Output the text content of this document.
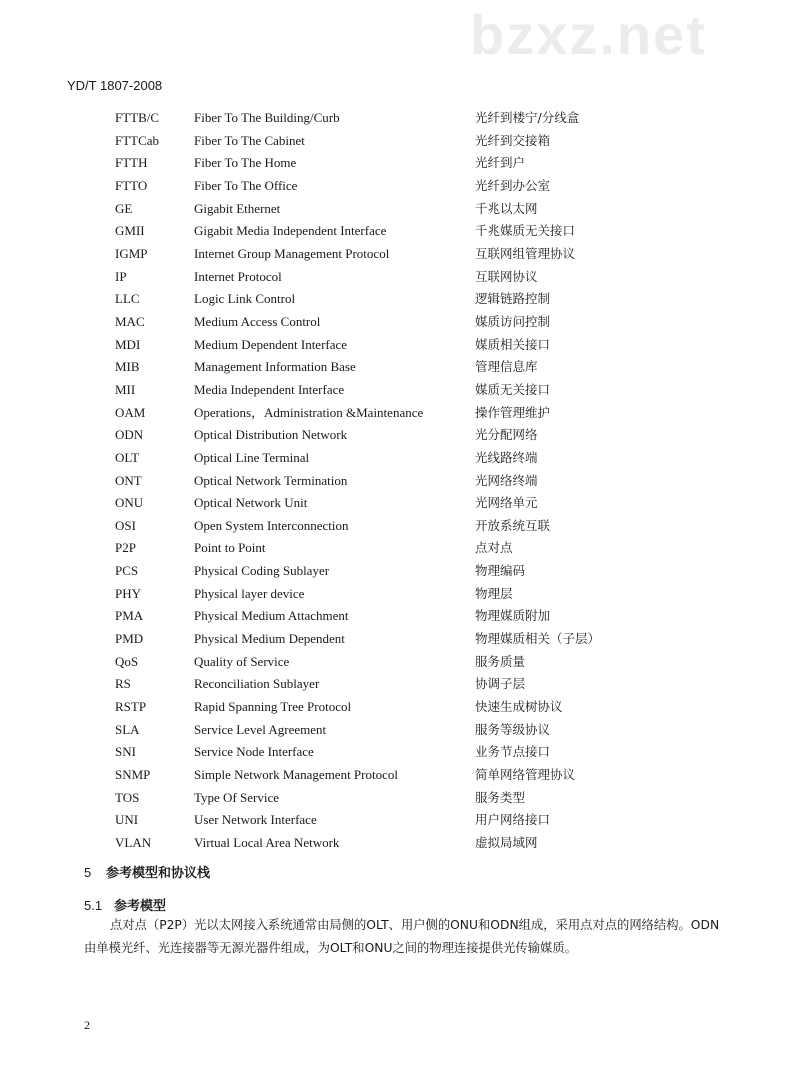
YD/T 1807-2008
bzxz.net
FTTB/C	Fiber To The Building/Curb	光纤到楼宁/分线盒
FTTCab	Fiber To The Cabinet	光纤到交接箱
FTTH	Fiber To The Home	光纤到户
FTTO	Fiber To The Office	光纤到办公室
GE	Gigabit Ethernet	千兆以太网
GMII	Gigabit Media Independent Interface	千兆媒质无关接口
IGMP	Internet Group Management Protocol	互联网组管理协议
IP	Internet Protocol	互联网协议
LLC	Logic Link Control	逻辑链路控制
MAC	Medium Access Control	媒质访问控制
MDI	Medium Dependent Interface	媒质相关接口
MIB	Management Information Base	管理信息库
MII	Media Independent Interface	媒质无关接口
OAM	Operations，Administration &Maintenance	操作管理维护
ODN	Optical Distribution Network	光分配网络
OLT	Optical Line Terminal	光线路终端
ONT	Optical Network Termination	光网络终端
ONU	Optical Network Unit	光网络单元
OSI	Open System Interconnection	开放系统互联
P2P	Point to Point	点对点
PCS	Physical Coding Sublayer	物理编码
PHY	Physical layer device	物理层
PMA	Physical Medium Attachment	物理媒质附加
PMD	Physical Medium Dependent	物理媒质相关（子层）
QoS	Quality of Service	服务质量
RS	Reconciliation Sublayer	协调子层
RSTP	Rapid Spanning Tree Protocol	快速生成树协议
SLA	Service Level Agreement	服务等级协议
SNI	Service Node Interface	业务节点接口
SNMP	Simple Network Management Protocol	简单网络管理协议
TOS	Type Of Service	服务类型
UNI	User Network Interface	用户网络接口
VLAN	Virtual Local Area Network	虚拟局域网
5 参考模型和协议栈
5.1 参考模型
点对点（P2P）光以太网接入系统通常由局侧的OLT、用户侧的ONU和ODN组成，采用点对点的网络结构。ODN由单模光纤、光连接器等无源光器件组成，为OLT和ONU之间的物理连接提供光传输媒质。
2
